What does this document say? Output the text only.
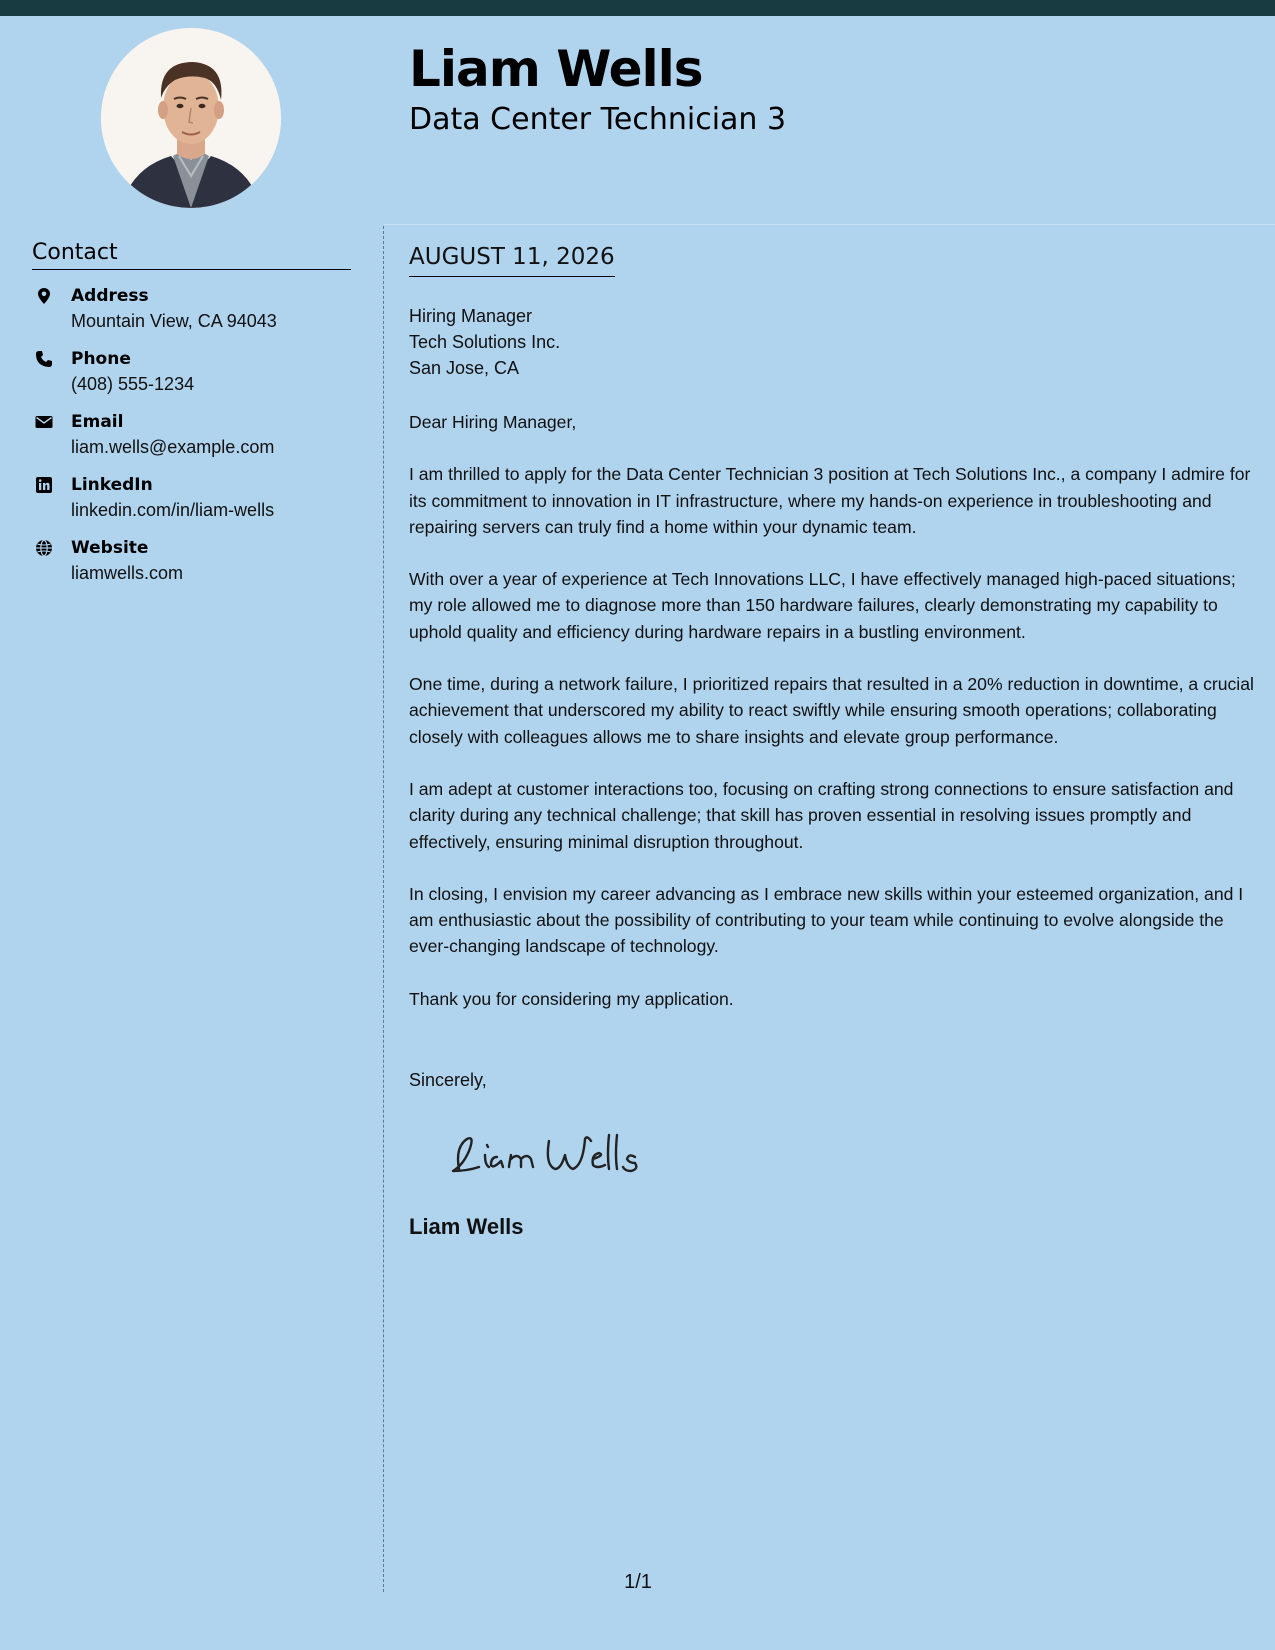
Liam Wells
Data Center Technician 3
Contact
Address
Mountain View, CA 94043
Phone
(408) 555-1234
Email
liam.wells@example.com
LinkedIn
linkedin.com/in/liam-wells
Website
liamwells.com
AUGUST 11, 2026
Hiring Manager
Tech Solutions Inc.
San Jose, CA

Dear Hiring Manager,

I am thrilled to apply for the Data Center Technician 3 position at Tech Solutions Inc., a company I admire for its commitment to innovation in IT infrastructure, where my hands-on experience in troubleshooting and repairing servers can truly find a home within your dynamic team.

With over a year of experience at Tech Innovations LLC, I have effectively managed high-paced situations; my role allowed me to diagnose more than 150 hardware failures, clearly demonstrating my capability to uphold quality and efficiency during hardware repairs in a bustling environment.

One time, during a network failure, I prioritized repairs that resulted in a 20% reduction in downtime, a crucial achievement that underscored my ability to react swiftly while ensuring smooth operations; collaborating closely with colleagues allows me to share insights and elevate group performance.

I am adept at customer interactions too, focusing on crafting strong connections to ensure satisfaction and clarity during any technical challenge; that skill has proven essential in resolving issues promptly and effectively, ensuring minimal disruption throughout.

In closing, I envision my career advancing as I embrace new skills within your esteemed organization, and I am enthusiastic about the possibility of contributing to your team while continuing to evolve alongside the ever-changing landscape of technology.

Thank you for considering my application.

Sincerely,
Liam Wells
1/1
